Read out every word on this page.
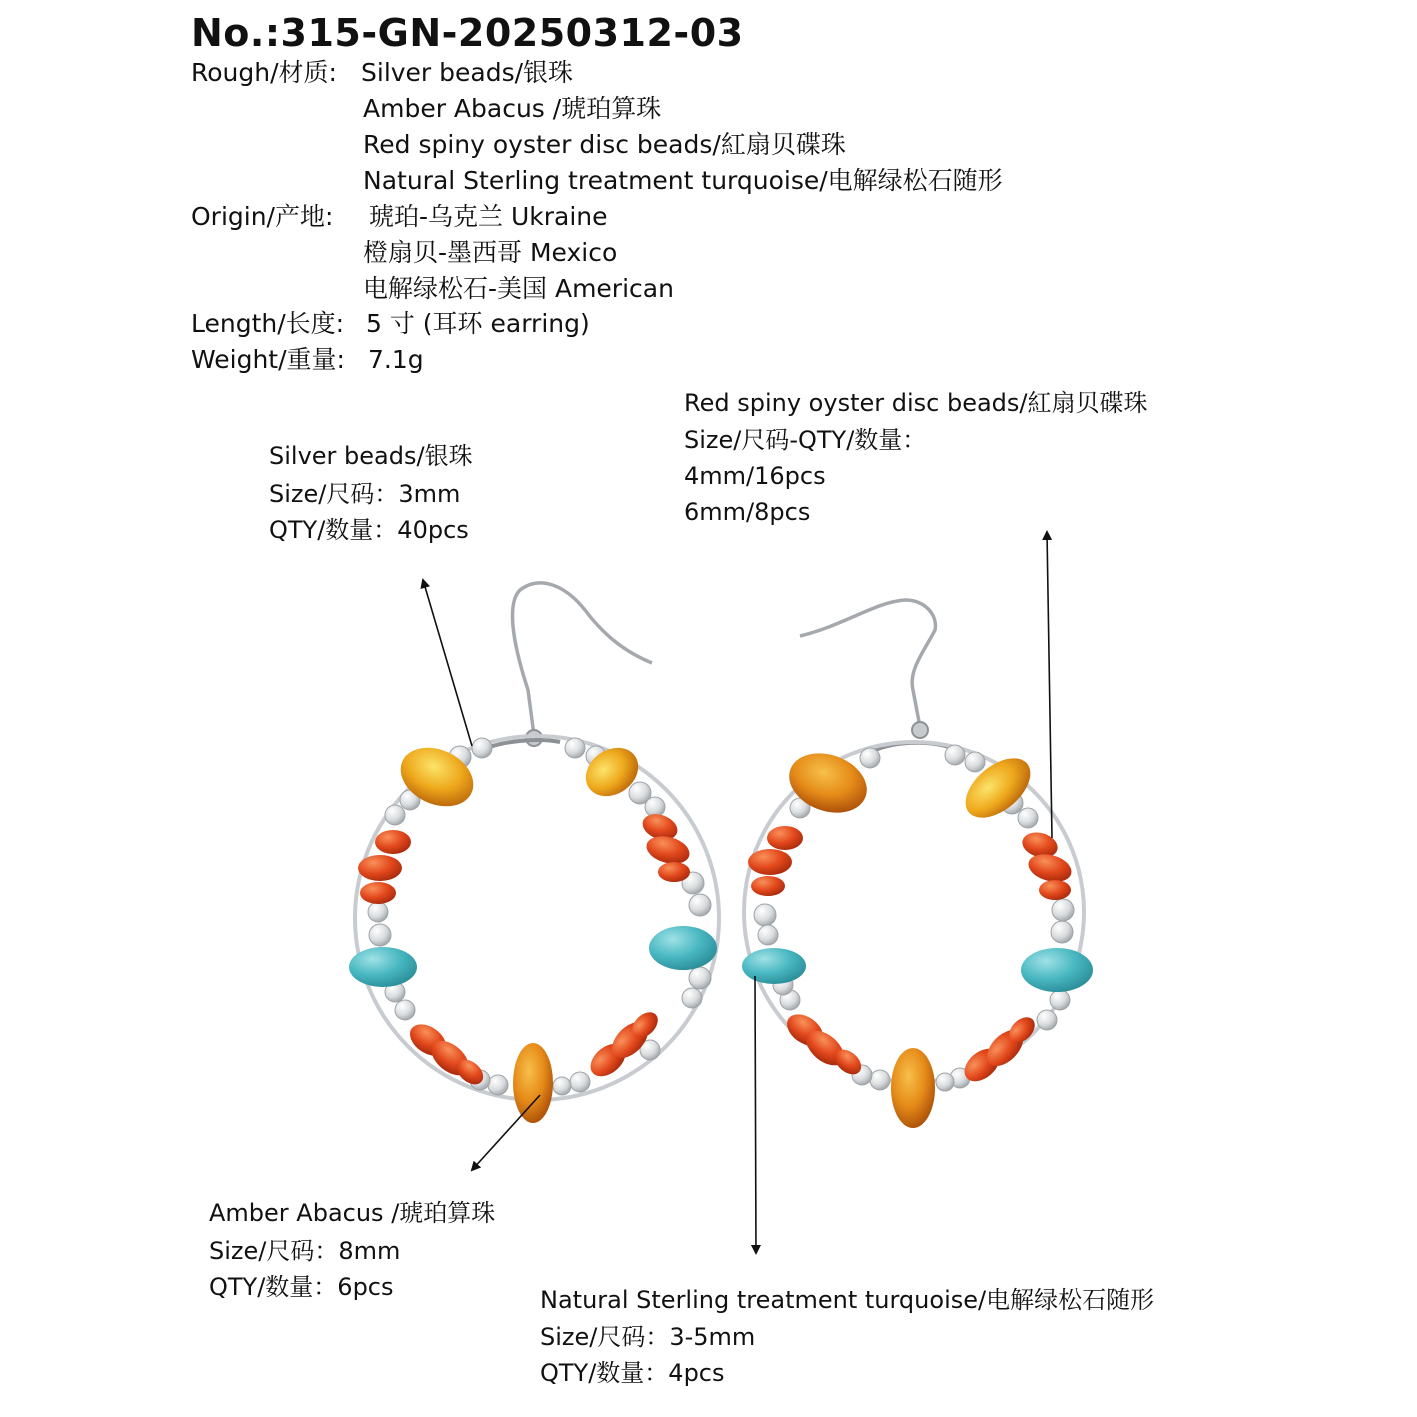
No.:315-GN-20250312-03
Rough/材质: Silver beads/银珠
Amber Abacus /琥珀算珠
Red spiny oyster disc beads/紅扇贝碟珠
Natural Sterling treatment turquoise/电解绿松石随形
Origin/产地: 琥珀-乌克兰 Ukraine
橙扇贝-墨西哥 Mexico
电解绿松石-美国 American
Length/长度: 5 寸 (耳环 earring)
Weight/重量: 7.1g
Silver beads/银珠
Size/尺码：3mm
QTY/数量：40pcs
Red spiny oyster disc beads/紅扇贝碟珠
Size/尺码-QTY/数量：
4mm/16pcs
6mm/8pcs
Amber Abacus /琥珀算珠
Size/尺码：8mm
QTY/数量：6pcs	Natural Sterling treatment turquoise/电解绿松石随形
Size/尺码：3-5mm
QTY/数量：4pcs
